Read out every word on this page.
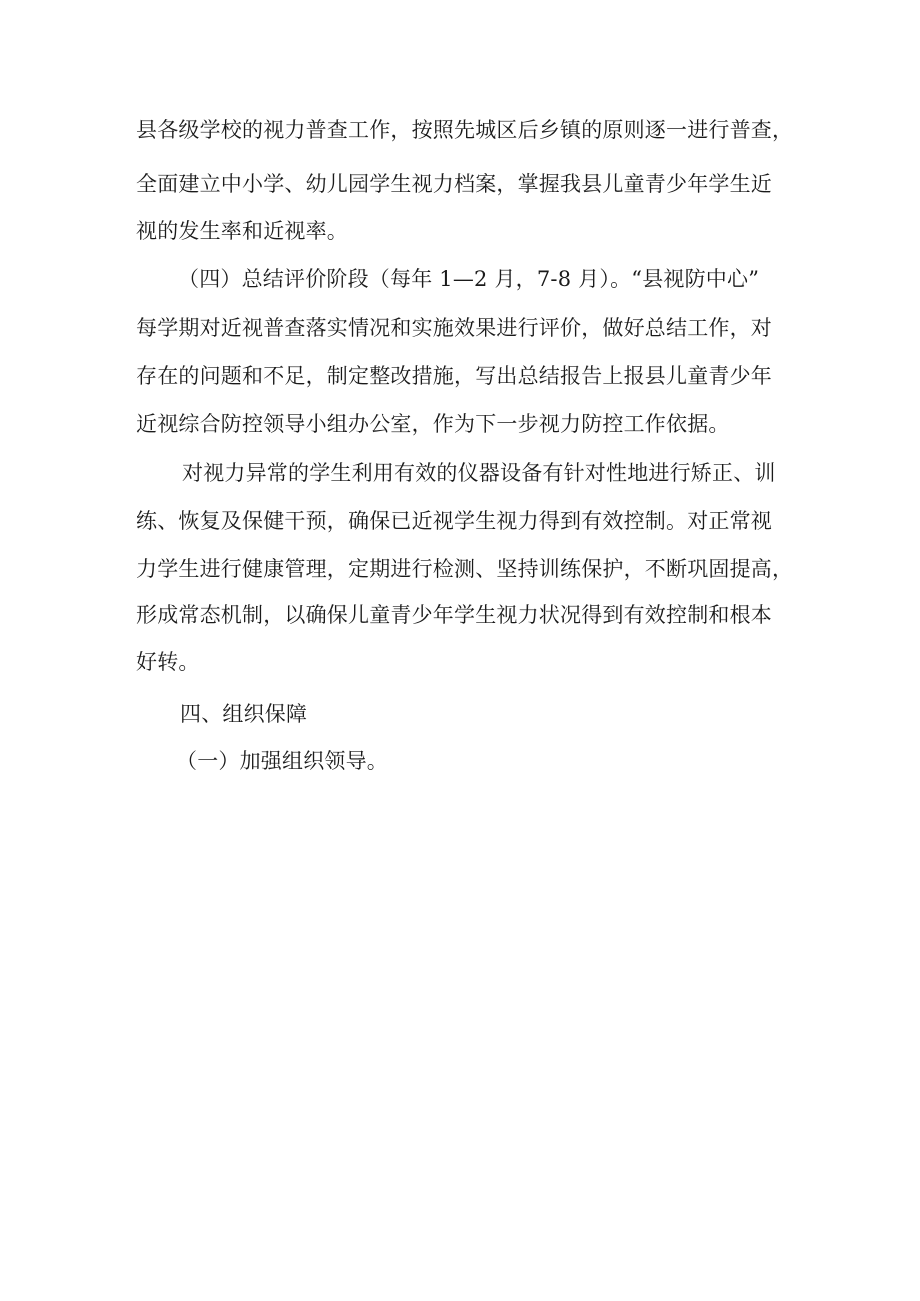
县各级学校的视力普查工作，按照先城区后乡镇的原则逐一进行普查，
全面建立中小学、幼儿园学生视力档案，掌握我县儿童青少年学生近
视的发生率和近视率。
（四）总结评价阶段（每年 1—2 月，7-8 月）。“县视防中心”
每学期对近视普查落实情况和实施效果进行评价，做好总结工作，对
存在的问题和不足，制定整改措施，写出总结报告上报县儿童青少年
近视综合防控领导小组办公室，作为下一步视力防控工作依据。
对视力异常的学生利用有效的仪器设备有针对性地进行矫正、训
练、恢复及保健干预，确保已近视学生视力得到有效控制。对正常视
力学生进行健康管理，定期进行检测、坚持训练保护，不断巩固提高，
形成常态机制，以确保儿童青少年学生视力状况得到有效控制和根本
好转。
四、组织保障
（一）加强组织领导。
